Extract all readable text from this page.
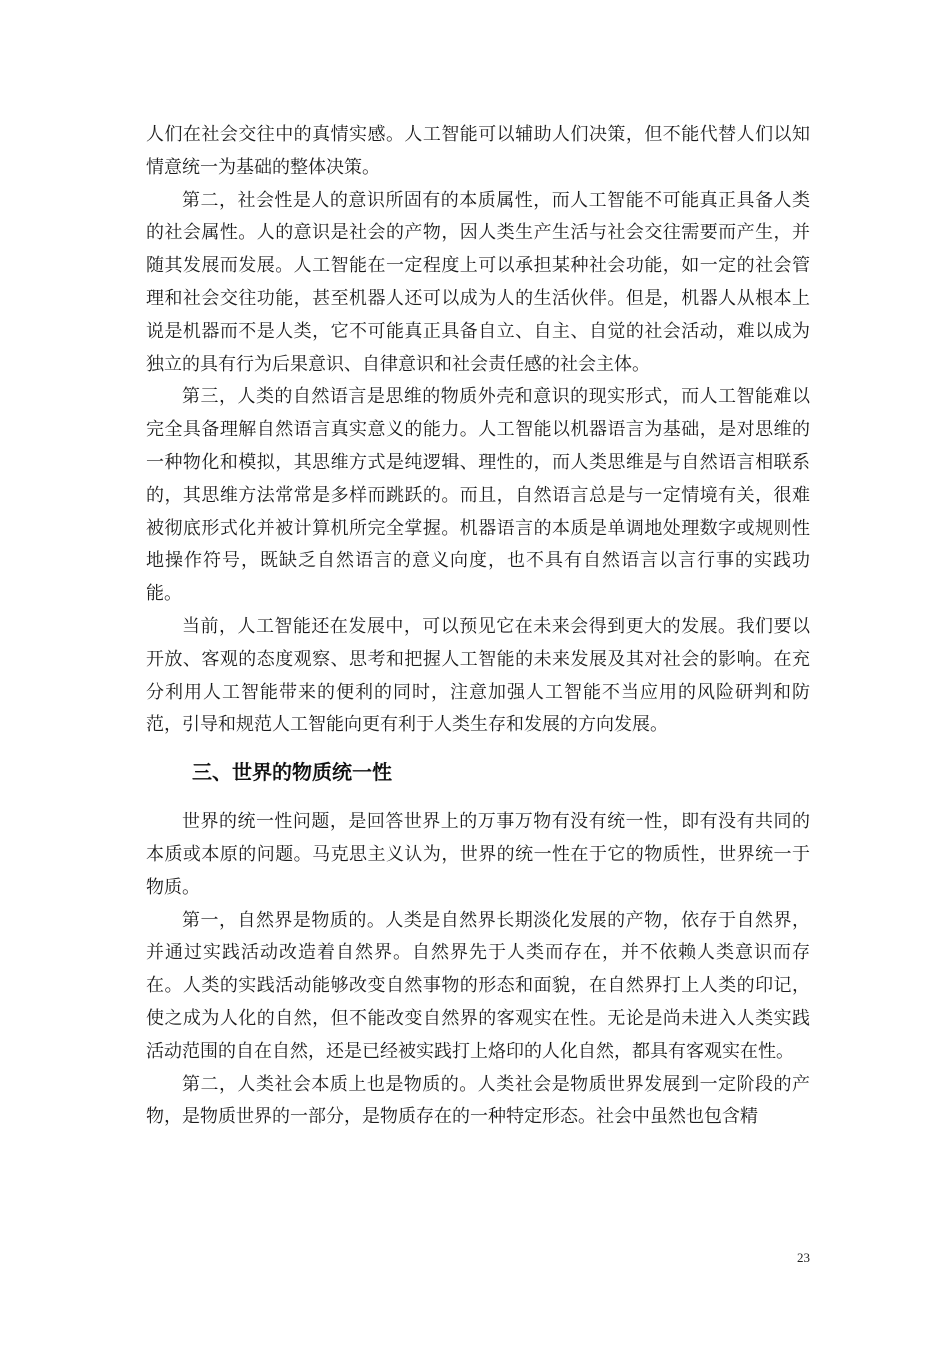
人们在社会交往中的真情实感。人工智能可以辅助人们决策，但不能代替人们以知情意统一为基础的整体决策。

第二，社会性是人的意识所固有的本质属性，而人工智能不可能真正具备人类的社会属性。人的意识是社会的产物，因人类生产生活与社会交往需要而产生，并随其发展而发展。人工智能在一定程度上可以承担某种社会功能，如一定的社会管理和社会交往功能，甚至机器人还可以成为人的生活伙伴。但是，机器人从根本上说是机器而不是人类，它不可能真正具备自立、自主、自觉的社会活动，难以成为独立的具有行为后果意识、自律意识和社会责任感的社会主体。

第三，人类的自然语言是思维的物质外壳和意识的现实形式，而人工智能难以完全具备理解自然语言真实意义的能力。人工智能以机器语言为基础，是对思维的一种物化和模拟，其思维方式是纯逻辑、理性的，而人类思维是与自然语言相联系的，其思维方法常常是多样而跳跃的。而且，自然语言总是与一定情境有关，很难被彻底形式化并被计算机所完全掌握。机器语言的本质是单调地处理数字或规则性地操作符号，既缺乏自然语言的意义向度，也不具有自然语言以言行事的实践功能。

当前，人工智能还在发展中，可以预见它在未来会得到更大的发展。我们要以开放、客观的态度观察、思考和把握人工智能的未来发展及其对社会的影响。在充分利用人工智能带来的便利的同时，注意加强人工智能不当应用的风险研判和防范，引导和规范人工智能向更有利于人类生存和发展的方向发展。

三、世界的物质统一性

世界的统一性问题，是回答世界上的万事万物有没有统一性，即有没有共同的本质或本原的问题。马克思主义认为，世界的统一性在于它的物质性，世界统一于物质。

第一，自然界是物质的。人类是自然界长期淡化发展的产物，依存于自然界，并通过实践活动改造着自然界。自然界先于人类而存在，并不依赖人类意识而存在。人类的实践活动能够改变自然事物的形态和面貌，在自然界打上人类的印记，使之成为人化的自然，但不能改变自然界的客观实在性。无论是尚未进入人类实践活动范围的自在自然，还是已经被实践打上烙印的人化自然，都具有客观实在性。

第二，人类社会本质上也是物质的。人类社会是物质世界发展到一定阶段的产物，是物质世界的一部分，是物质存在的一种特定形态。社会中虽然也包含精

23
